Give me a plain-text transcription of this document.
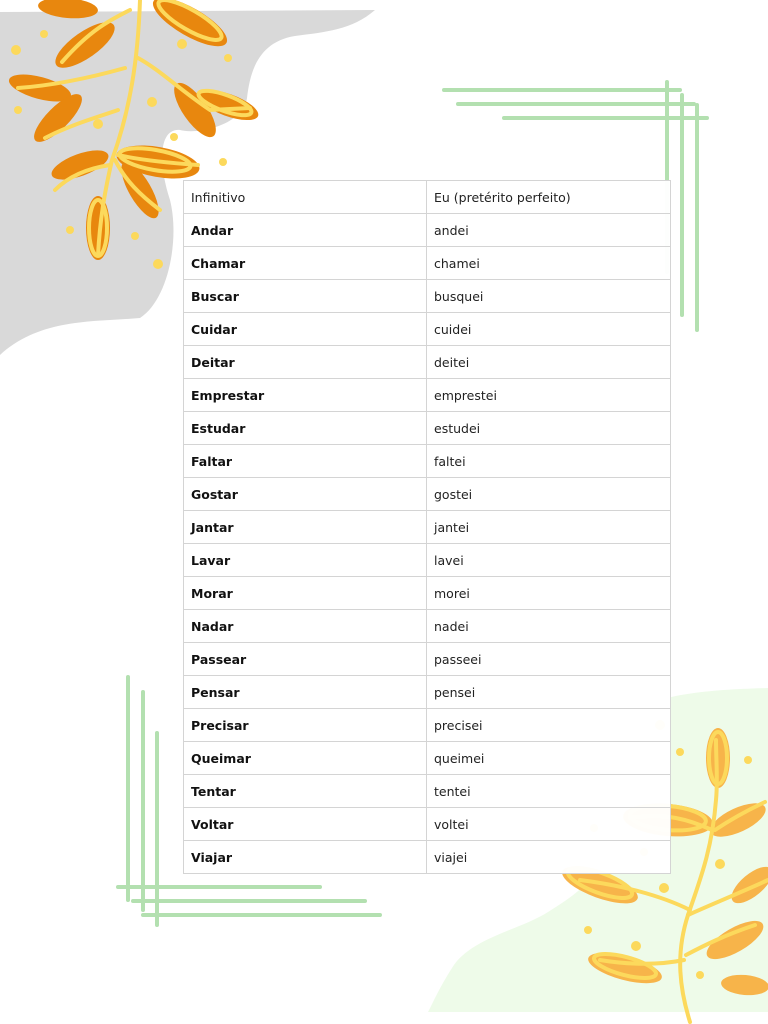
Infinitivo	Eu (pretérito perfeito)
Andar	andei
Chamar	chamei
Buscar	busquei
Cuidar	cuidei
Deitar	deitei
Emprestar	emprestei
Estudar	estudei
Faltar	faltei
Gostar	gostei
Jantar	jantei
Lavar	lavei
Morar	morei
Nadar	nadei
Passear	passeei
Pensar	pensei
Precisar	precisei
Queimar	queimei
Tentar	tentei
Voltar	voltei
Viajar	viajei
